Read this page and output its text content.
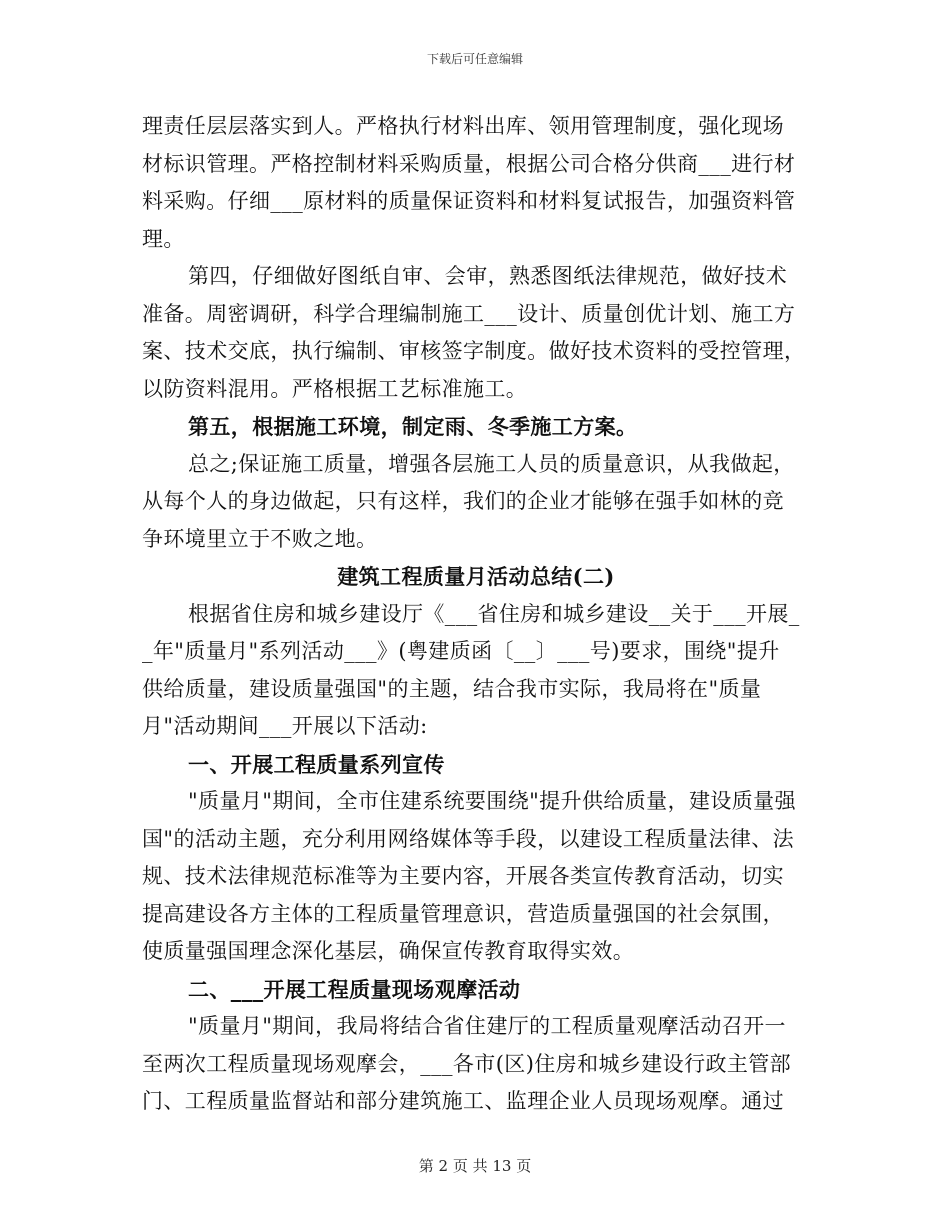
下载后可任意编辑
理责任层层落实到人。严格执行材料出库、领用管理制度，强化现场
材标识管理。严格控制材料采购质量，根据公司合格分供商___进行材
料采购。仔细___原材料的质量保证资料和材料复试报告，加强资料管
理。
第四，仔细做好图纸自审、会审，熟悉图纸法律规范，做好技术
准备。周密调研，科学合理编制施工___设计、质量创优计划、施工方
案、技术交底，执行编制、审核签字制度。做好技术资料的受控管理，
以防资料混用。严格根据工艺标准施工。
第五，根据施工环境，制定雨、冬季施工方案。
总之;保证施工质量，增强各层施工人员的质量意识，从我做起，
从每个人的身边做起，只有这样，我们的企业才能够在强手如林的竞
争环境里立于不败之地。
建筑工程质量月活动总结(二)
根据省住房和城乡建设厅《___省住房和城乡建设__关于___开展_
_年"质量月"系列活动___》(粤建质函〔__〕___号)要求，围绕"提升
供给质量，建设质量强国"的主题，结合我市实际，我局将在"质量
月"活动期间___开展以下活动:
一、开展工程质量系列宣传
"质量月"期间，全市住建系统要围绕"提升供给质量，建设质量强
国"的活动主题，充分利用网络媒体等手段，以建设工程质量法律、法
规、技术法律规范标准等为主要内容，开展各类宣传教育活动，切实
提高建设各方主体的工程质量管理意识，营造质量强国的社会氛围，
使质量强国理念深化基层，确保宣传教育取得实效。
二、___开展工程质量现场观摩活动
"质量月"期间，我局将结合省住建厅的工程质量观摩活动召开一
至两次工程质量现场观摩会，___各市(区)住房和城乡建设行政主管部
门、工程质量监督站和部分建筑施工、监理企业人员现场观摩。通过
第 2 页 共 13 页
